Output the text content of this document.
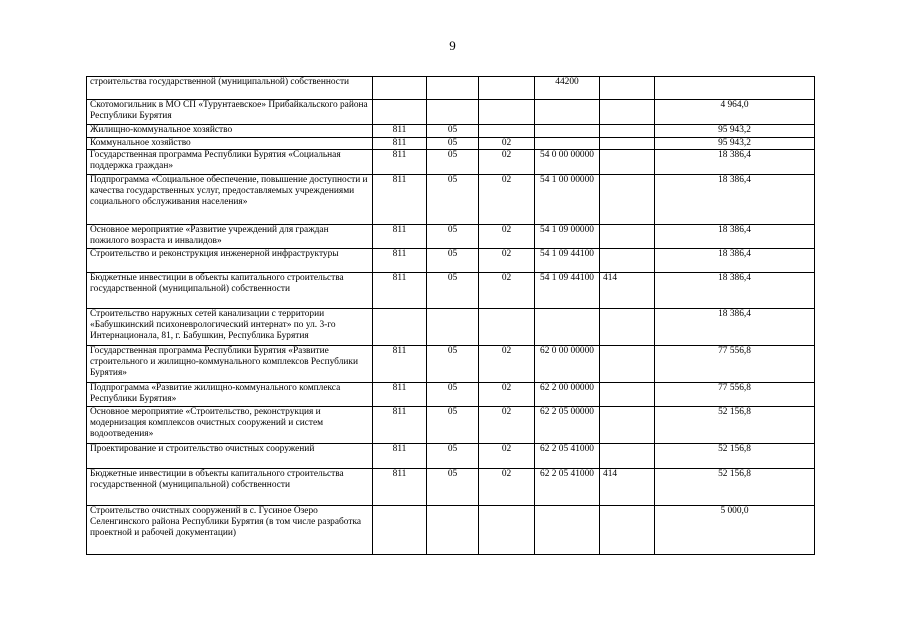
9
строительства государственной (муниципальной) собственности				44200		
Скотомогильник в МО СП «Турунтаевское» Прибайкальского района Республики Бурятия						4 964,0
Жилищно-коммунальное хозяйство	811	05				95 943,2
Коммунальное хозяйство	811	05	02			95 943,2
Государственная программа Республики Бурятия «Социальная поддержка граждан»	811	05	02	54 0 00 00000		18 386,4
Подпрограмма «Социальное обеспечение, повышение доступности и качества государственных услуг, предоставляемых учреждениями социального обслуживания населения»	811	05	02	54 1 00 00000		18 386,4
Основное мероприятие «Развитие учреждений для граждан пожилого возраста и инвалидов»	811	05	02	54 1 09 00000		18 386,4
Строительство и реконструкция инженерной инфраструктуры	811	05	02	54 1 09 44100		18 386,4
Бюджетные инвестиции в объекты капитального строительства государственной (муниципальной) собственности	811	05	02	54 1 09 44100	414	18 386,4
Строительство наружных сетей канализации с территории «Бабушкинский психоневрологический интернат» по ул. 3-го Интернационала, 81, г. Бабушкин, Республика Бурятия						18 386,4
Государственная программа Республики Бурятия «Развитие строительного и жилищно-коммунального комплексов Республики Бурятия»	811	05	02	62 0 00 00000		77 556,8
Подпрограмма «Развитие жилищно-коммунального комплекса Республики Бурятия»	811	05	02	62 2 00 00000		77 556,8
Основное мероприятие «Строительство, реконструкция и модернизация комплексов очистных сооружений и систем водоотведения»	811	05	02	62 2 05 00000		52 156,8
Проектирование и строительство очистных сооружений	811	05	02	62 2 05 41000		52 156,8
Бюджетные инвестиции в объекты капитального строительства государственной (муниципальной) собственности	811	05	02	62 2 05 41000	414	52 156,8
Строительство очистных сооружений в с. Гусиное Озеро Селенгинского района Республики Бурятия (в том числе разработка проектной и рабочей документации)						5 000,0
